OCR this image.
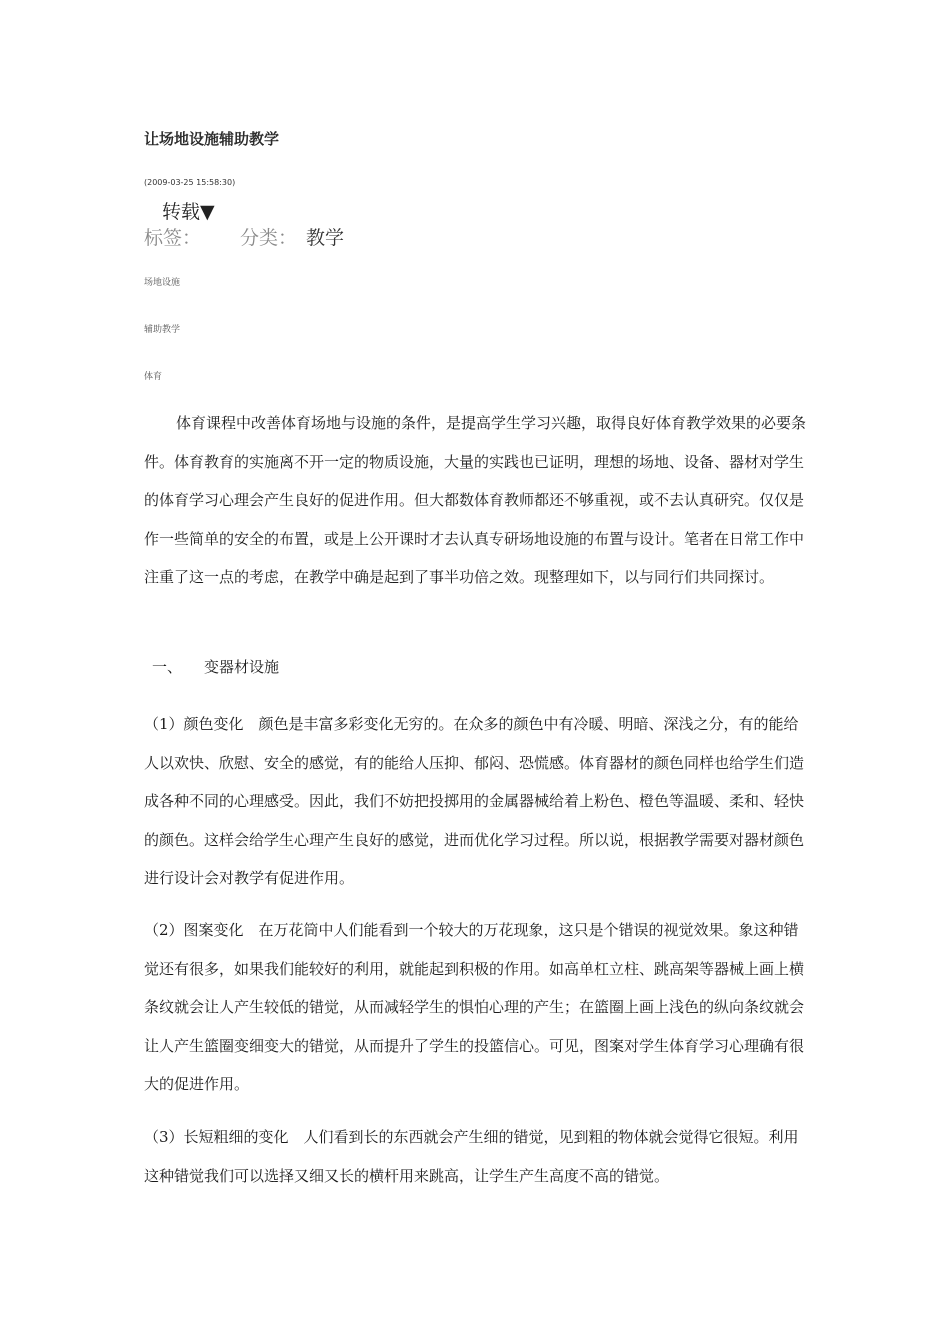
让场地设施辅助教学
(2009-03-25 15:58:30)
转载▼
标签： 分类： 教学
场地设施
辅助教学
体育

体育课程中改善体育场地与设施的条件，是提高学生学习兴趣，取得良好体育教学效果的必要条件。体育教育的实施离不开一定的物质设施，大量的实践也已证明，理想的场地、设备、器材对学生的体育学习心理会产生良好的促进作用。但大都数体育教师都还不够重视，或不去认真研究。仅仅是作一些简单的安全的布置，或是上公开课时才去认真专研场地设施的布置与设计。笔者在日常工作中注重了这一点的考虑，在教学中确是起到了事半功倍之效。现整理如下，以与同行们共同探讨。

一、 变器材设施

（1）颜色变化　颜色是丰富多彩变化无穷的。在众多的颜色中有冷暖、明暗、深浅之分，有的能给人以欢快、欣慰、安全的感觉，有的能给人压抑、郁闷、恐慌感。体育器材的颜色同样也给学生们造成各种不同的心理感受。因此，我们不妨把投掷用的金属器械给着上粉色、橙色等温暖、柔和、轻快的颜色。这样会给学生心理产生良好的感觉，进而优化学习过程。所以说，根据教学需要对器材颜色进行设计会对教学有促进作用。

（2）图案变化　在万花筒中人们能看到一个较大的万花现象，这只是个错误的视觉效果。象这种错觉还有很多，如果我们能较好的利用，就能起到积极的作用。如高单杠立柱、跳高架等器械上画上横条纹就会让人产生较低的错觉，从而减轻学生的惧怕心理的产生；在篮圈上画上浅色的纵向条纹就会让人产生篮圈变细变大的错觉，从而提升了学生的投篮信心。可见，图案对学生体育学习心理确有很大的促进作用。

（3）长短粗细的变化　人们看到长的东西就会产生细的错觉，见到粗的物体就会觉得它很短。利用这种错觉我们可以选择又细又长的横杆用来跳高，让学生产生高度不高的错觉。
